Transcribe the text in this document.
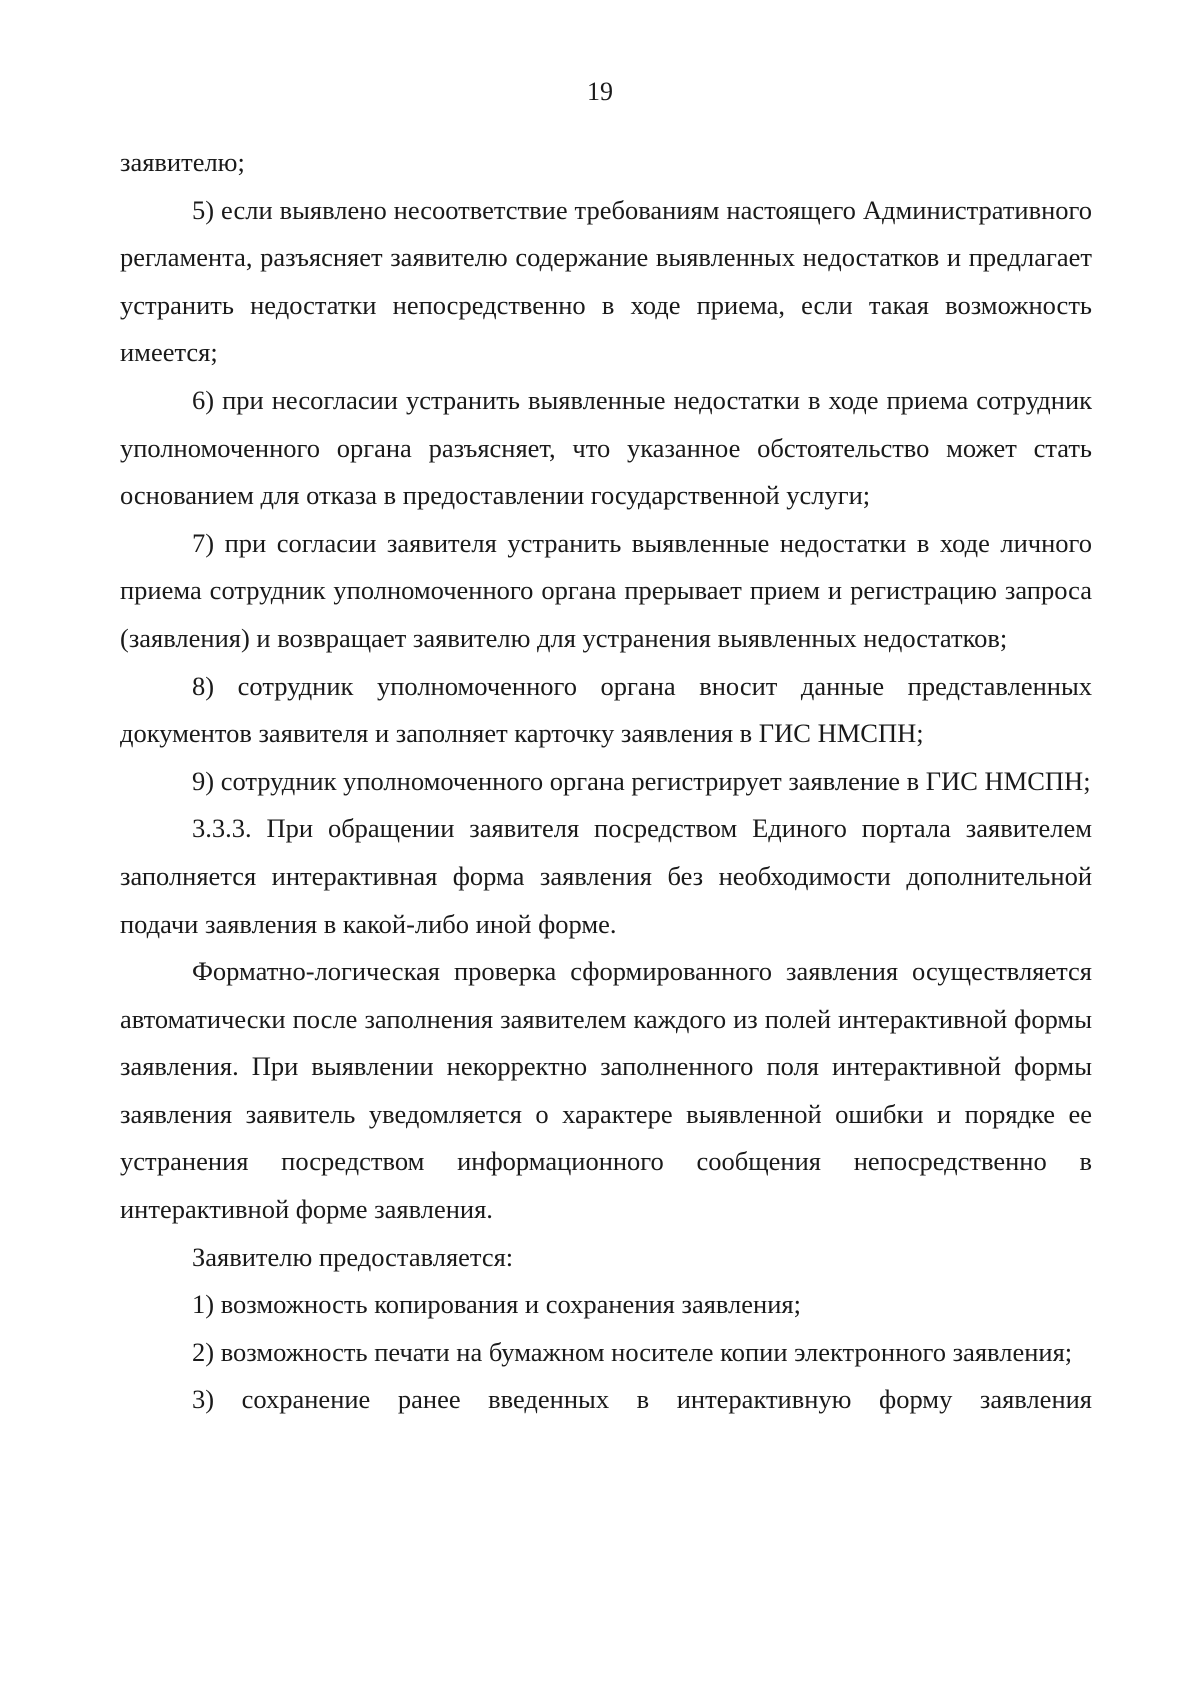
19

заявителю;

5) если выявлено несоответствие требованиям настоящего Административного регламента, разъясняет заявителю содержание выявленных недостатков и предлагает устранить недостатки непосредственно в ходе приема, если такая возможность имеется;

6) при несогласии устранить выявленные недостатки в ходе приема сотрудник уполномоченного органа разъясняет, что указанное обстоятельство может стать основанием для отказа в предоставлении государственной услуги;

7) при согласии заявителя устранить выявленные недостатки в ходе личного приема сотрудник уполномоченного органа прерывает прием и регистрацию запроса (заявления) и возвращает заявителю для устранения выявленных недостатков;

8) сотрудник уполномоченного органа вносит данные представленных документов заявителя и заполняет карточку заявления в ГИС НМСПН;

9) сотрудник уполномоченного органа регистрирует заявление в ГИС НМСПН;

3.3.3. При обращении заявителя посредством Единого портала заявителем заполняется интерактивная форма заявления без необходимости дополнительной подачи заявления в какой-либо иной форме.

Форматно-логическая проверка сформированного заявления осуществляется автоматически после заполнения заявителем каждого из полей интерактивной формы заявления. При выявлении некорректно заполненного поля интерактивной формы заявления заявитель уведомляется о характере выявленной ошибки и порядке ее устранения посредством информационного сообщения непосредственно в интерактивной форме заявления.

Заявителю предоставляется:

1) возможность копирования и сохранения заявления;

2) возможность печати на бумажном носителе копии электронного заявления;

3) сохранение ранее введенных в интерактивную форму заявления
